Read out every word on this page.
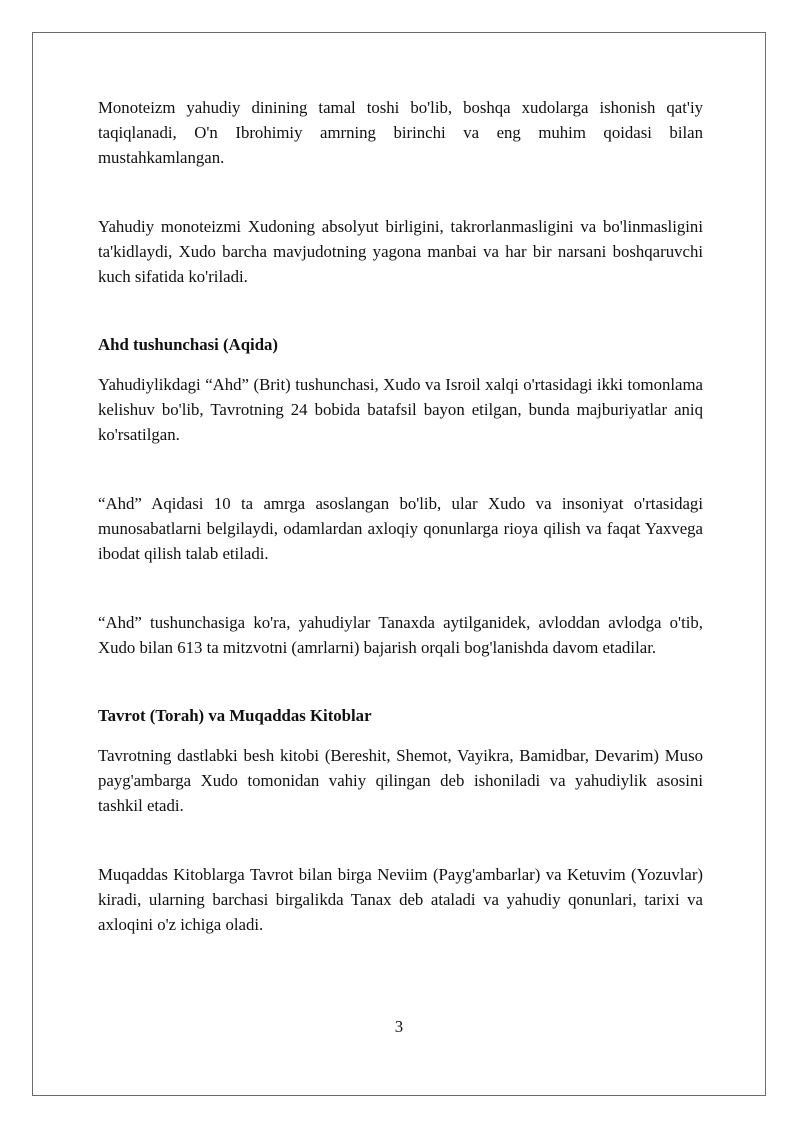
Monoteizm yahudiy dinining tamal toshi bo'lib, boshqa xudolarga ishonish qat'iy taqiqlanadi, O'n Ibrohimiy amrning birinchi va eng muhim qoidasi bilan mustahkamlangan.

Yahudiy monoteizmi Xudoning absolyut birligini, takrorlanmasligini va bo'linmasligini ta'kidlaydi, Xudo barcha mavjudotning yagona manbai va har bir narsani boshqaruvchi kuch sifatida ko'riladi.

Ahd tushunchasi (Aqida)

Yahudiylikdagi “Ahd” (Brit) tushunchasi, Xudo va Isroil xalqi o'rtasidagi ikki tomonlama kelishuv bo'lib, Tavrotning 24 bobida batafsil bayon etilgan, bunda majburiyatlar aniq ko'rsatilgan.

“Ahd” Aqidasi 10 ta amrga asoslangan bo'lib, ular Xudo va insoniyat o'rtasidagi munosabatlarni belgilaydi, odamlardan axloqiy qonunlarga rioya qilish va faqat Yaxvega ibodat qilish talab etiladi.

“Ahd” tushunchasiga ko'ra, yahudiylar Tanaxda aytilganidek, avloddan avlodga o'tib, Xudo bilan 613 ta mitzvotni (amrlarni) bajarish orqali bog'lanishda davom etadilar.

Tavrot (Torah) va Muqaddas Kitoblar

Tavrotning dastlabki besh kitobi (Bereshit, Shemot, Vayikra, Bamidbar, Devarim) Muso payg'ambarga Xudo tomonidan vahiy qilingan deb ishoniladi va yahudiylik asosini tashkil etadi.

Muqaddas Kitoblarga Tavrot bilan birga Neviim (Payg'ambarlar) va Ketuvim (Yozuvlar) kiradi, ularning barchasi birgalikda Tanax deb ataladi va yahudiy qonunlari, tarixi va axloqini o'z ichiga oladi.

3
